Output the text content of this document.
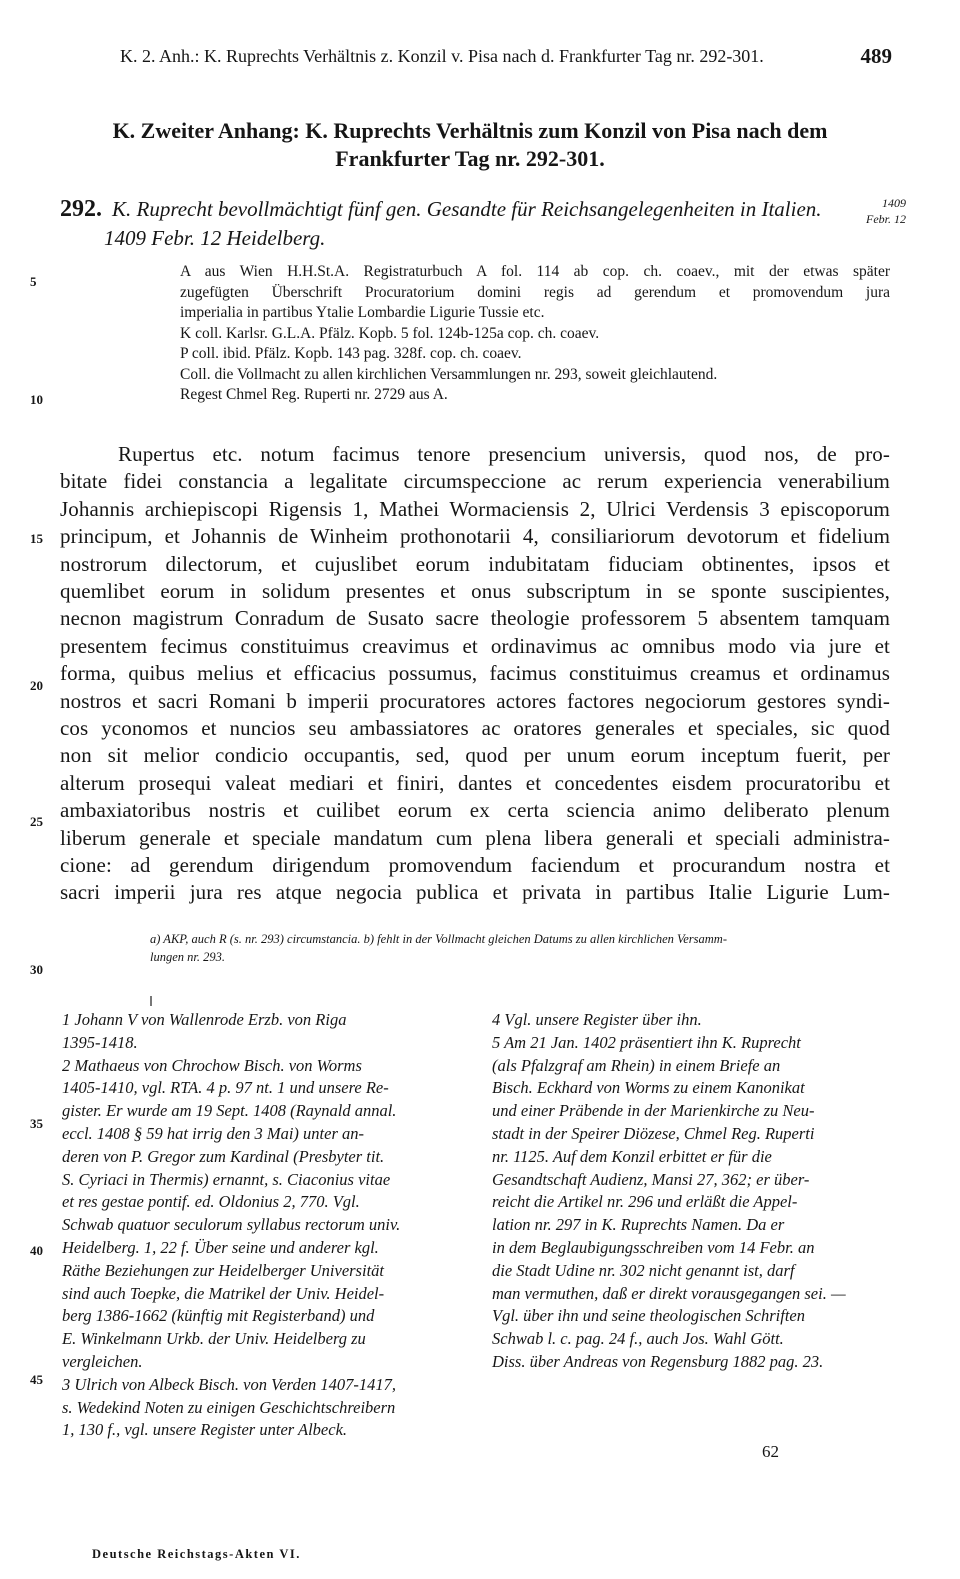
K. 2. Anh.: K. Ruprechts Verhältnis z. Konzil v. Pisa nach d. Frankfurter Tag nr. 292-301.	489
K. Zweiter Anhang: K. Ruprechts Verhältnis zum Konzil von Pisa nach dem
Frankfurter Tag nr. 292-301.
292. K. Ruprecht bevollmächtigt fünf gen. Gesandte für Reichsangelegenheiten in Italien.
1409 Febr. 12 Heidelberg.
1409
Febr. 12
A aus Wien H.H.St.A. Registraturbuch A fol. 114 ab cop. ch. coaev., mit der etwas später
zugefügten Überschrift Procuratorium domini regis ad gerendum et promovendum jura
imperialia in partibus Ytalie Lombardie Ligurie Tussie etc.
K coll. Karlsr. G.L.A. Pfälz. Kopb. 5 fol. 124b-125a cop. ch. coaev.
P coll. ibid. Pfälz. Kopb. 143 pag. 328f. cop. ch. coaev.
Coll. die Vollmacht zu allen kirchlichen Versammlungen nr. 293, soweit gleichlautend.
Regest Chmel Reg. Ruperti nr. 2729 aus A.
Rupertus etc. notum facimus tenore presencium universis, quod nos, de pro-
bitate fidei constancia a legalitate circumspeccione ac rerum experiencia venerabilium
Johannis archiepiscopi Rigensis 1, Mathei Wormaciensis 2, Ulrici Verdensis 3 episcoporum
principum, et Johannis de Winheim prothonotarii 4, consiliariorum devotorum et fidelium
nostrorum dilectorum, et cujuslibet eorum indubitatam fiduciam obtinentes, ipsos et
quemlibet eorum in solidum presentes et onus subscriptum in se sponte suscipientes,
necnon magistrum Conradum de Susato sacre theologie professorem 5 absentem tamquam
presentem fecimus constituimus creavimus et ordinavimus ac omnibus modo via jure et
forma, quibus melius et efficacius possumus, facimus constituimus creamus et ordinamus
nostros et sacri Romani b imperii procuratores actores factores negociorum gestores syndi-
cos yconomos et nuncios seu ambassiatores ac oratores generales et speciales, sic quod
non sit melior condicio occupantis, sed, quod per unum eorum inceptum fuerit, per
alterum prosequi valeat mediari et finiri, dantes et concedentes eisdem procuratoribu et
ambaxiatoribus nostris et cuilibet eorum ex certa sciencia animo deliberato plenum
liberum generale et speciale mandatum cum plena libera generali et speciali administra-
cione: ad gerendum dirigendum promovendum faciendum et procurandum nostra et
sacri imperii jura res atque negocia publica et privata in partibus Italie Ligurie Lum-
5
10
15
20
25
30
35
40
45
a) AKP, auch R (s. nr. 293) circumstancia. b) fehlt in der Vollmacht gleichen Datums zu allen kirchlichen Versamm-
lungen nr. 293.
1 Johann V von Wallenrode Erzb. von Riga
1395-1418.
2 Mathaeus von Chrochow Bisch. von Worms
1405-1410, vgl. RTA. 4 p. 97 nt. 1 und unsere Re-
gister. Er wurde am 19 Sept. 1408 (Raynald annal.
eccl. 1408 § 59 hat irrig den 3 Mai) unter an-
deren von P. Gregor zum Kardinal (Presbyter tit.
S. Cyriaci in Thermis) ernannt, s. Ciaconius vitae
et res gestae pontif. ed. Oldonius 2, 770. Vgl.
Schwab quatuor seculorum syllabus rectorum univ.
Heidelberg. 1, 22 f. Über seine und anderer kgl.
Räthe Beziehungen zur Heidelberger Universität
sind auch Toepke, die Matrikel der Univ. Heidel-
berg 1386-1662 (künftig mit Registerband) und
E. Winkelmann Urkb. der Univ. Heidelberg zu
vergleichen.
3 Ulrich von Albeck Bisch. von Verden 1407-1417,
s. Wedekind Noten zu einigen Geschichtschreibern
1, 130 f., vgl. unsere Register unter Albeck.
4 Vgl. unsere Register über ihn.
5 Am 21 Jan. 1402 präsentiert ihn K. Ruprecht
(als Pfalzgraf am Rhein) in einem Briefe an
Bisch. Eckhard von Worms zu einem Kanonikat
und einer Präbende in der Marienkirche zu Neu-
stadt in der Speirer Diözese, Chmel Reg. Ruperti
nr. 1125. Auf dem Konzil erbittet er für die
Gesandtschaft Audienz, Mansi 27, 362; er über-
reicht die Artikel nr. 296 und erläßt die Appel-
lation nr. 297 in K. Ruprechts Namen. Da er
in dem Beglaubigungsschreiben vom 14 Febr. an
die Stadt Udine nr. 302 nicht genannt ist, darf
man vermuthen, daß er direkt vorausgegangen sei. —
Vgl. über ihn und seine theologischen Schriften
Schwab l. c. pag. 24 f., auch Jos. Wahl Gött.
Diss. über Andreas von Regensburg 1882 pag. 23.
Deutsche Reichstags-Akten VI.
62
